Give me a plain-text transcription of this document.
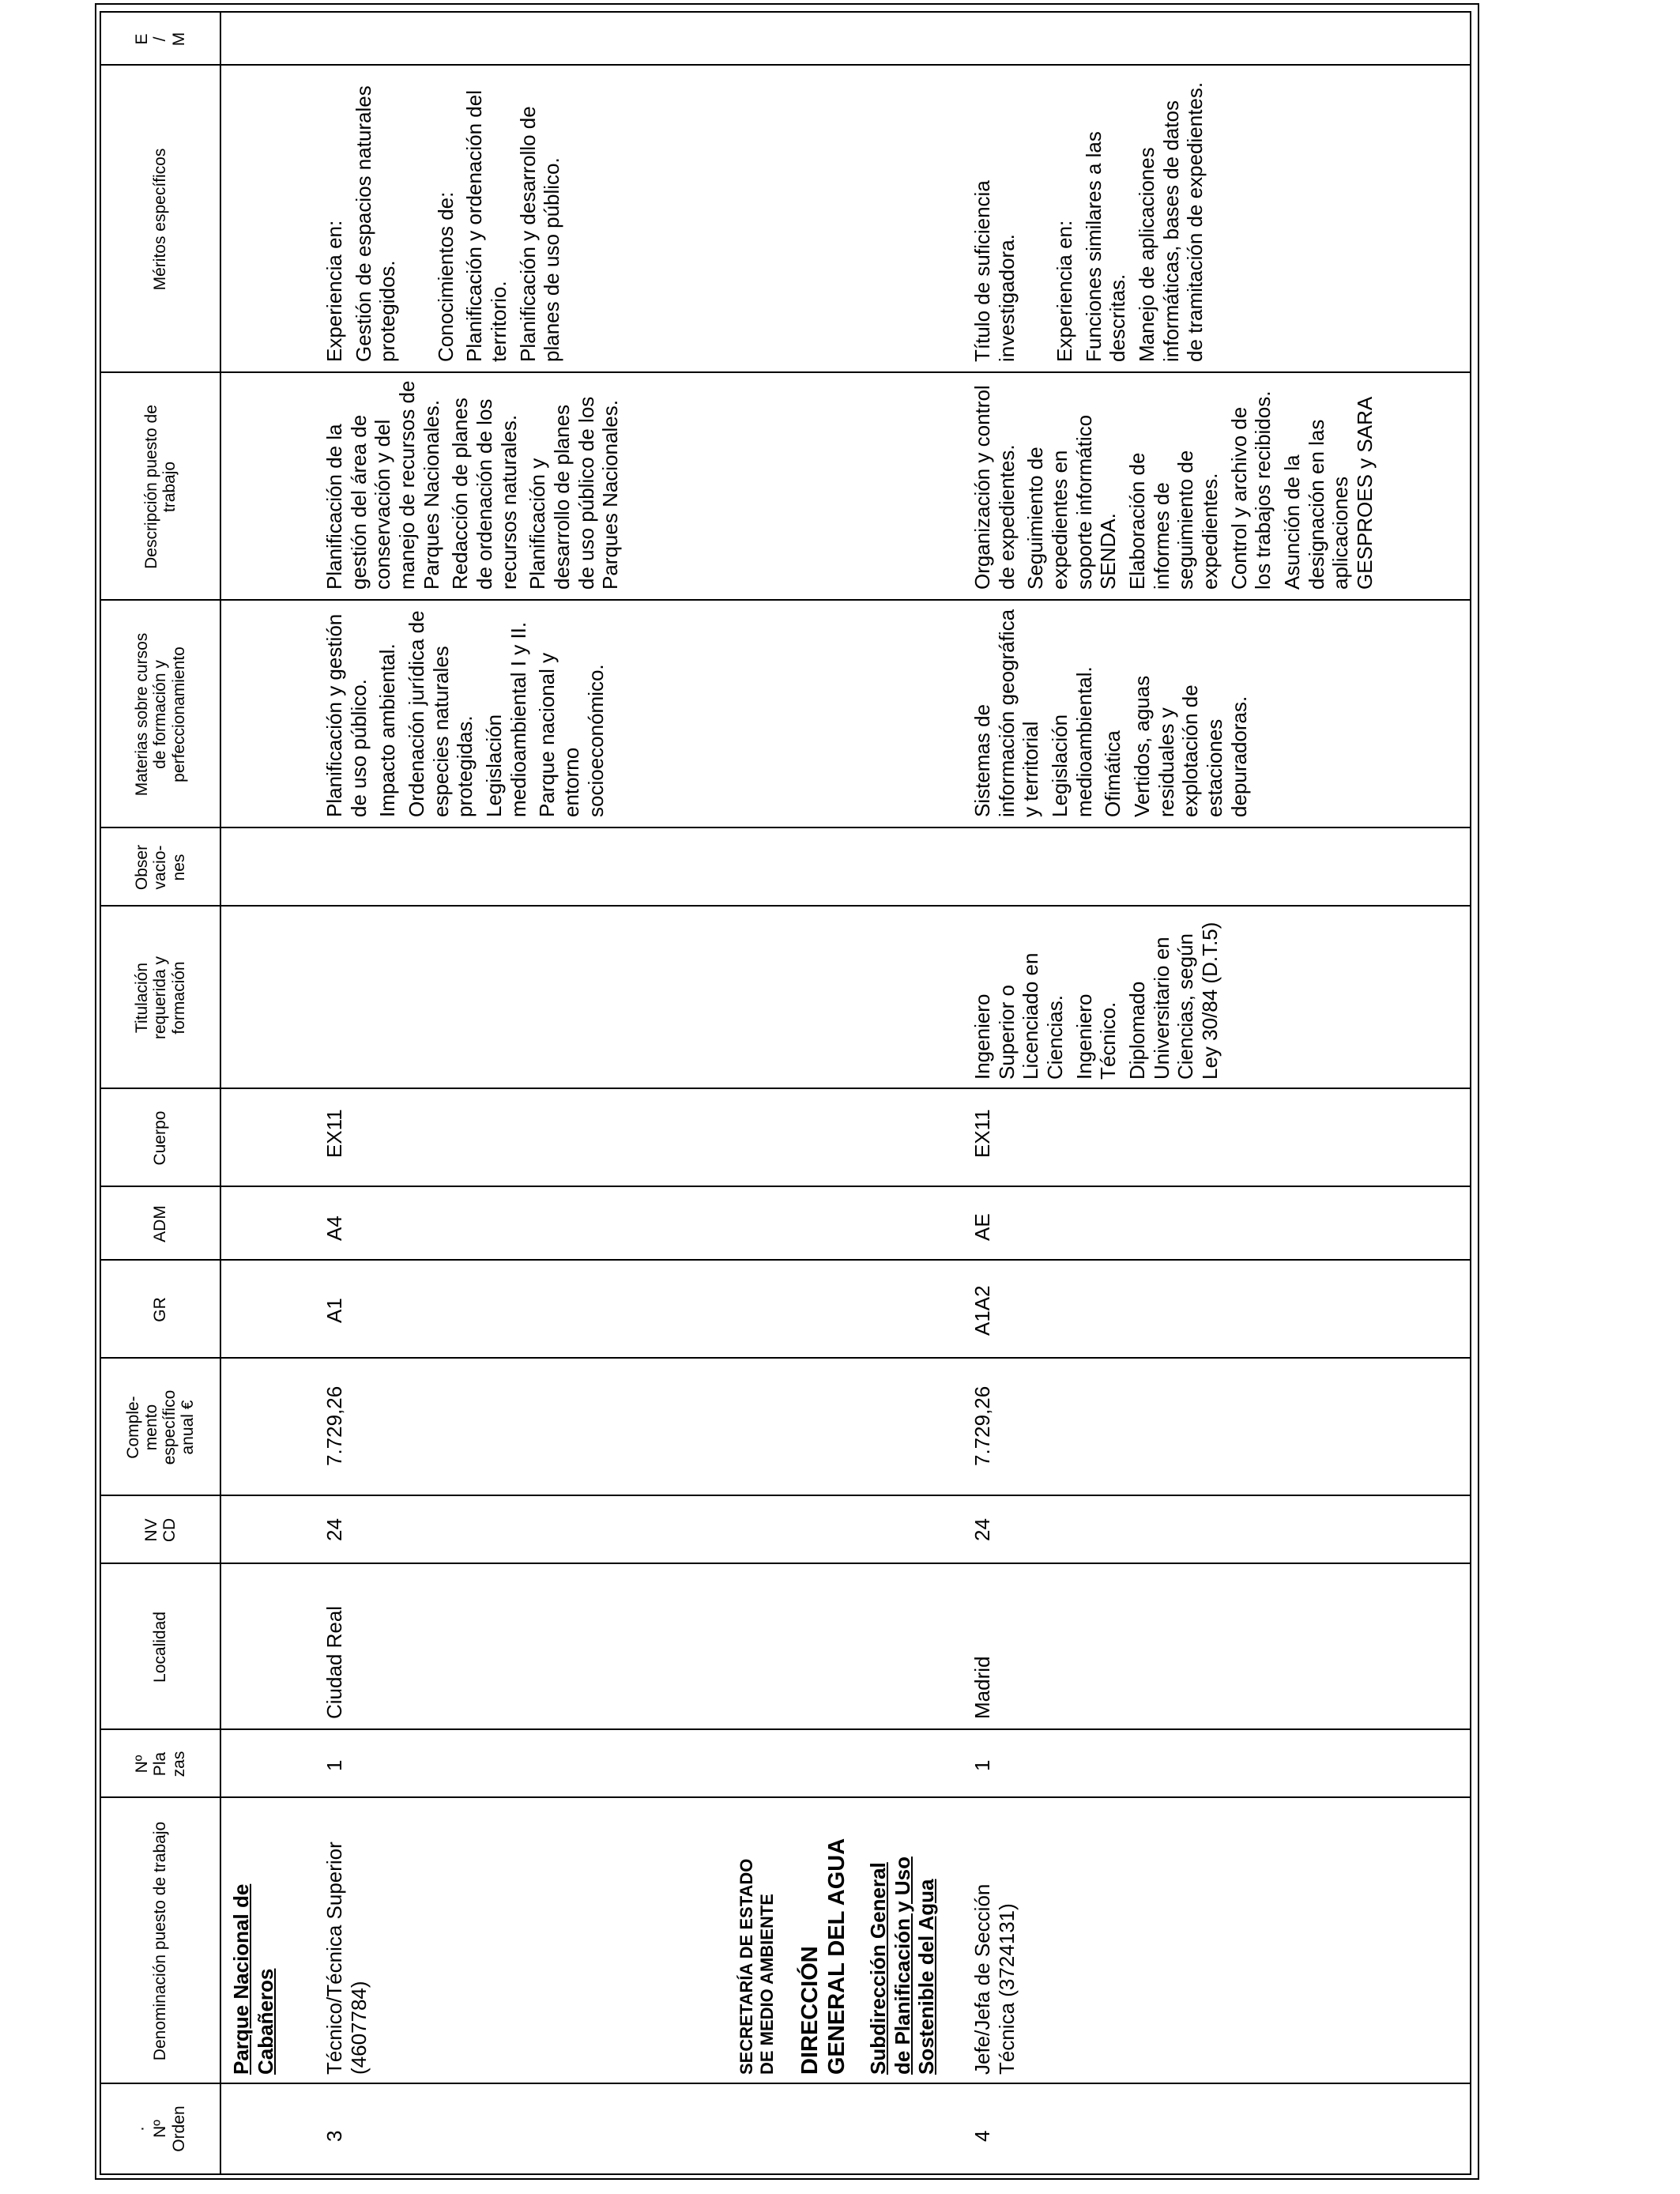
· Nº Orden
Denominación puesto de trabajo
Nº Pla zas
Localidad
NV CD
Comple- mento específico anual €
GR
ADM
Cuerpo
Titulación requerida y formación
Obser vacio- nes
Materias sobre cursos de formación y perfeccionamiento
Descripción puesto de trabajo
Méritos específicos
E / M
Parque Nacional de Cabañeros
3
Técnico/Técnica Superior (4607784)
1
Ciudad Real
24
7.729,26
A1
A4
EX11

Planificación y gestión de uso público. Impacto ambiental. Ordenación jurídica de especies naturales protegidas. Legislación medioambiental I y II. Parque nacional y entorno socioeconómico.

Planificación de la gestión del área de conservación y del manejo de recursos de Parques Nacionales. Redacción de planes de ordenación de los recursos naturales. Planificación y desarrollo de planes de uso público de los Parques Nacionales.

Experiencia en: Gestión de espacios naturales protegidos.

Conocimientos de: Planificación y ordenación del territorio. Planificación y desarrollo de planes de uso público.

SECRETARÍA DE ESTADO DE MEDIO AMBIENTE DIRECCIÓN GENERAL DEL AGUA Subdirección General de Planificación y Uso Sostenible del Agua
4
Jefe/Jefa de Sección Técnica (3724131)
1
Madrid
24
7.729,26
A1A2
AE
EX11

Ingeniero Superior o Licenciado en Ciencias. Ingeniero Técnico. Diplomado Universitario en Ciencias, según Ley 30/84 (D.T.5)

Sistemas de información geográfica y territorial Legislación medioambiental. Ofimática Vertidos, aguas residuales y explotación de estaciones depuradoras.

Organización y control de expedientes. Seguimiento de expedientes en soporte informático SENDA. Elaboración de informes de seguimiento de expedientes. Control y archivo de los trabajos recibidos. Asunción de la designación en las aplicaciones GESPROES y SARA

Título de suficiencia investigadora.

Experiencia en: Funciones similares a las descritas. Manejo de aplicaciones informáticas, bases de datos de tramitación de expedientes.
